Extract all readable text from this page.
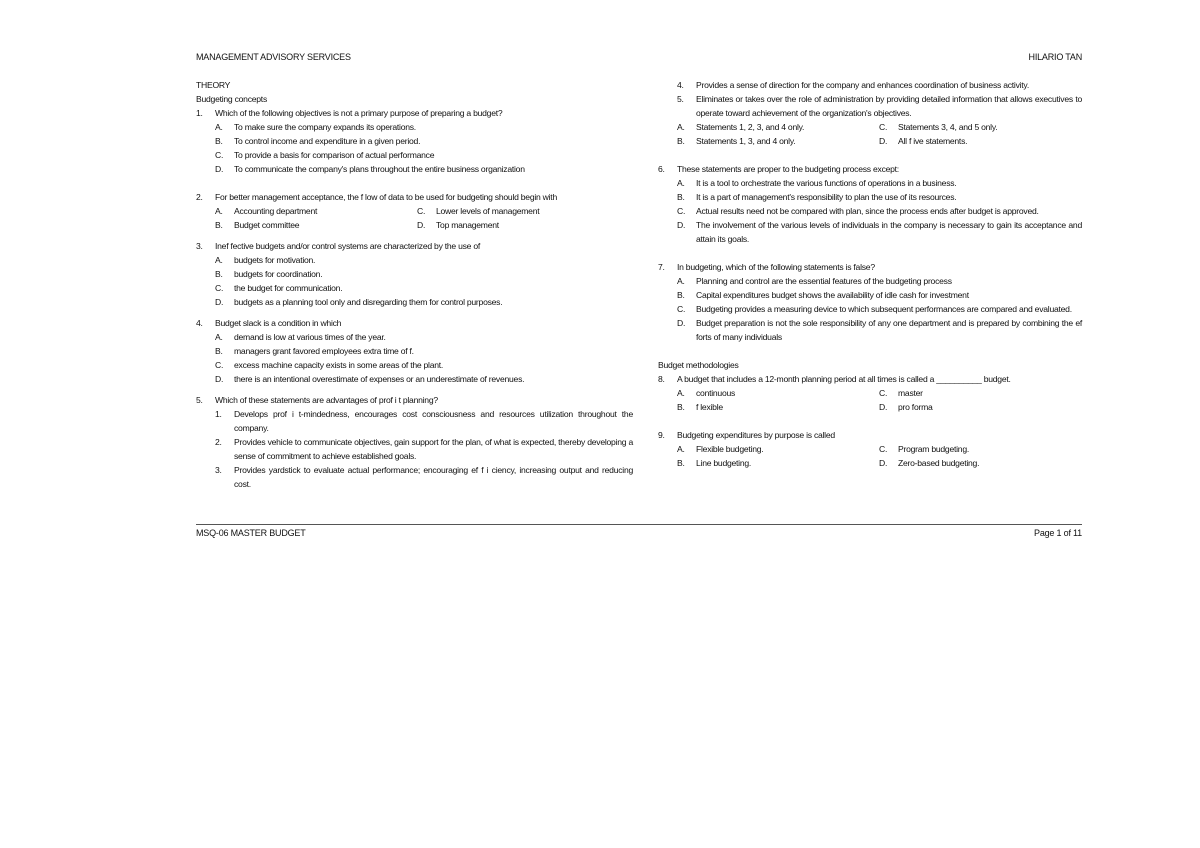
MANAGEMENT ADVISORY SERVICES	HILARIO TAN
THEORY
Budgeting concepts
1. Which of the following objectives is not a primary purpose of preparing a budget?
A. To make sure the company expands its operations.
B. To control income and expenditure in a given period.
C. To provide a basis for comparison of actual performance
D. To communicate the company's plans throughout the entire business organization
2. For better management acceptance, the f low of data to be used for budgeting should begin with
A. Accounting department	C. Lower levels of management
B. Budget committee	D. Top management
3. Inef fective budgets and/or control systems are characterized by the use of
A. budgets for motivation.
B. budgets for coordination.
C. the budget for communication.
D. budgets as a planning tool only and disregarding them for control purposes.
4. Budget slack is a condition in which
A. demand is low at various times of the year.
B. managers grant favored employees extra time of f.
C. excess machine capacity exists in some areas of the plant.
D. there is an intentional overestimate of expenses or an underestimate of revenues.
5. Which of these statements are advantages of prof i t planning?
1. Develops prof i t-mindedness, encourages cost consciousness and resources utilization throughout the company.
2. Provides vehicle to communicate objectives, gain support for the plan, of what is expected, thereby developing a sense of commitment to achieve established goals.
3. Provides yardstick to evaluate actual performance; encouraging ef f i ciency, increasing output and reducing cost.
4. Provides a sense of direction for the company and enhances coordination of business activity.
5. Eliminates or takes over the role of administration by providing detailed information that allows executives to operate toward achievement of the organization's objectives.
A. Statements 1, 2, 3, and 4 only.	C. Statements 3, 4, and 5 only.
B. Statements 1, 3, and 4 only.	D. All f ive statements.
6. These statements are proper to the budgeting process except:
A. It is a tool to orchestrate the various functions of operations in a business.
B. It is a part of management's responsibility to plan the use of its resources.
C. Actual results need not be compared with plan, since the process ends after budget is approved.
D. The involvement of the various levels of individuals in the company is necessary to gain its acceptance and attain its goals.
7. In budgeting, which of the following statements is false?
A. Planning and control are the essential features of the budgeting process
B. Capital expenditures budget shows the availability of idle cash for investment
C. Budgeting provides a measuring device to which subsequent performances are compared and evaluated.
D. Budget preparation is not the sole responsibility of any one department and is prepared by combining the ef forts of many individuals
Budget methodologies
8. A budget that includes a 12-month planning period at all times is called a __________ budget.
A. continuous	C. master
B. f lexible	D. pro forma
9. Budgeting expenditures by purpose is called
A. Flexible budgeting.	C. Program budgeting.
B. Line budgeting.	D. Zero-based budgeting.
MSQ-06 MASTER BUDGET	Page 1 of 11
